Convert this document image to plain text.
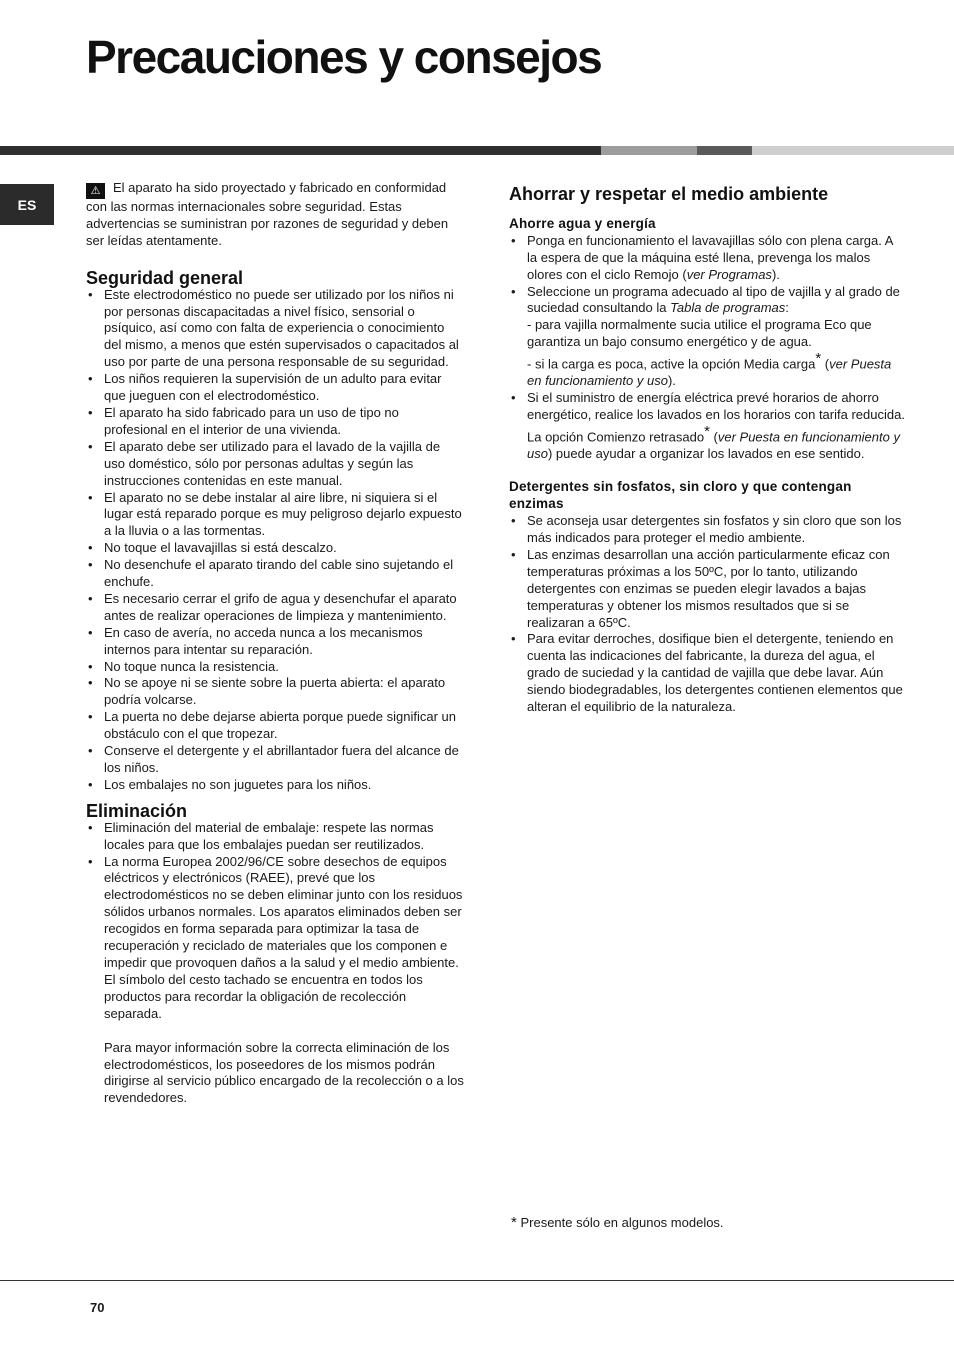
Precauciones y consejos
ES

⚠ El aparato ha sido proyectado y fabricado en conformidad con las normas internacionales sobre seguridad. Estas advertencias se suministran por razones de seguridad y deben ser leídas atentamente.

Seguridad general
• Este electrodoméstico no puede ser utilizado por los niños ni por personas discapacitadas a nivel físico, sensorial o psíquico, así como con falta de experiencia o conocimiento del mismo, a menos que estén supervisados o capacitados al uso por parte de una persona responsable de su seguridad.
• Los niños requieren la supervisión de un adulto para evitar que jueguen con el electrodoméstico.
• El aparato ha sido fabricado para un uso de tipo no profesional en el interior de una vivienda.
• El aparato debe ser utilizado para el lavado de la vajilla de uso doméstico, sólo por personas adultas y según las instrucciones contenidas en este manual.
• El aparato no se debe instalar al aire libre, ni siquiera si el lugar está reparado porque es muy peligroso dejarlo expuesto a la lluvia o a las tormentas.
• No toque el lavavajillas si está descalzo.
• No desenchufe el aparato tirando del cable sino sujetando el enchufe.
• Es necesario cerrar el grifo de agua y desenchufar el aparato antes de realizar operaciones de limpieza y mantenimiento.
• En caso de avería, no acceda nunca a los mecanismos internos para intentar su reparación.
• No toque nunca la resistencia.
• No se apoye ni se siente sobre la puerta abierta: el aparato podría volcarse.
• La puerta no debe dejarse abierta porque puede significar un obstáculo con el que tropezar.
• Conserve el detergente y el abrillantador fuera del alcance de los niños.
• Los embalajes no son juguetes para los niños.
Eliminación
• Eliminación del material de embalaje: respete las normas locales para que los embalajes puedan ser reutilizados.
• La norma Europea 2002/96/CE sobre desechos de equipos eléctricos y electrónicos (RAEE), prevé que los electrodomésticos no se deben eliminar junto con los residuos sólidos urbanos normales. Los aparatos eliminados deben ser recogidos en forma separada para optimizar la tasa de recuperación y reciclado de materiales que los componen e impedir que provoquen daños a la salud y el medio ambiente. El símbolo del cesto tachado se encuentra en todos los productos para recordar la obligación de recolección separada.

Para mayor información sobre la correcta eliminación de los electrodomésticos, los poseedores de los mismos podrán dirigirse al servicio público encargado de la recolección o a los revendedores.

Ahorrar y respetar el medio ambiente
Ahorre agua y energía
• Ponga en funcionamiento el lavavajillas sólo con plena carga. A la espera de que la máquina esté llena, prevenga los malos olores con el ciclo Remojo (ver Programas).
• Seleccione un programa adecuado al tipo de vajilla y al grado de suciedad consultando la Tabla de programas:
- para vajilla normalmente sucia utilice el programa Eco que garantiza un bajo consumo energético y de agua.
- si la carga es poca, active la opción Media carga* (ver Puesta en funcionamiento y uso).
• Si el suministro de energía eléctrica prevé horarios de ahorro energético, realice los lavados en los horarios con tarifa reducida. La opción Comienzo retrasado* (ver Puesta en funcionamiento y uso) puede ayudar a organizar los lavados en ese sentido.
Detergentes sin fosfatos, sin cloro y que contengan enzimas
• Se aconseja usar detergentes sin fosfatos y sin cloro que son los más indicados para proteger el medio ambiente.
• Las enzimas desarrollan una acción particularmente eficaz con temperaturas próximas a los 50ºC, por lo tanto, utilizando detergentes con enzimas se pueden elegir lavados a bajas temperaturas y obtener los mismos resultados que si se realizaran a 65ºC.
• Para evitar derroches, dosifique bien el detergente, teniendo en cuenta las indicaciones del fabricante, la dureza del agua, el grado de suciedad y la cantidad de vajilla que debe lavar. Aún siendo biodegradables, los detergentes contienen elementos que alteran el equilibrio de la naturaleza.
* Presente sólo en algunos modelos.
70
